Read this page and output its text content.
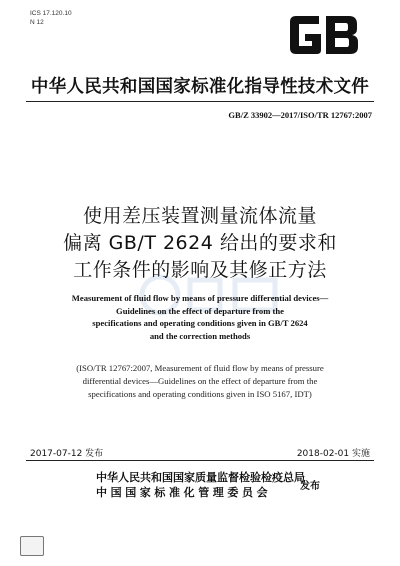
ICS 17.120.10
N 12
中华人民共和国国家标准化指导性技术文件
GB/Z 33902—2017/ISO/TR 12767:2007
使用差压装置测量流体流量
偏离 GB/T 2624 给出的要求和
工作条件的影响及其修正方法
Measurement of fluid flow by means of pressure differential devices—
Guidelines on the effect of departure from the
specifications and operating conditions given in GB/T 2624
and the correction methods
(ISO/TR 12767:2007, Measurement of fluid flow by means of pressure
differential devices—Guidelines on the effect of departure from the
specifications and operating conditions given in ISO 5167, IDT)
2017-07-12 发布	2018-02-01 实施
中华人民共和国国家质量监督检验检疫总局
中国国家标准化管理委员会	发布
